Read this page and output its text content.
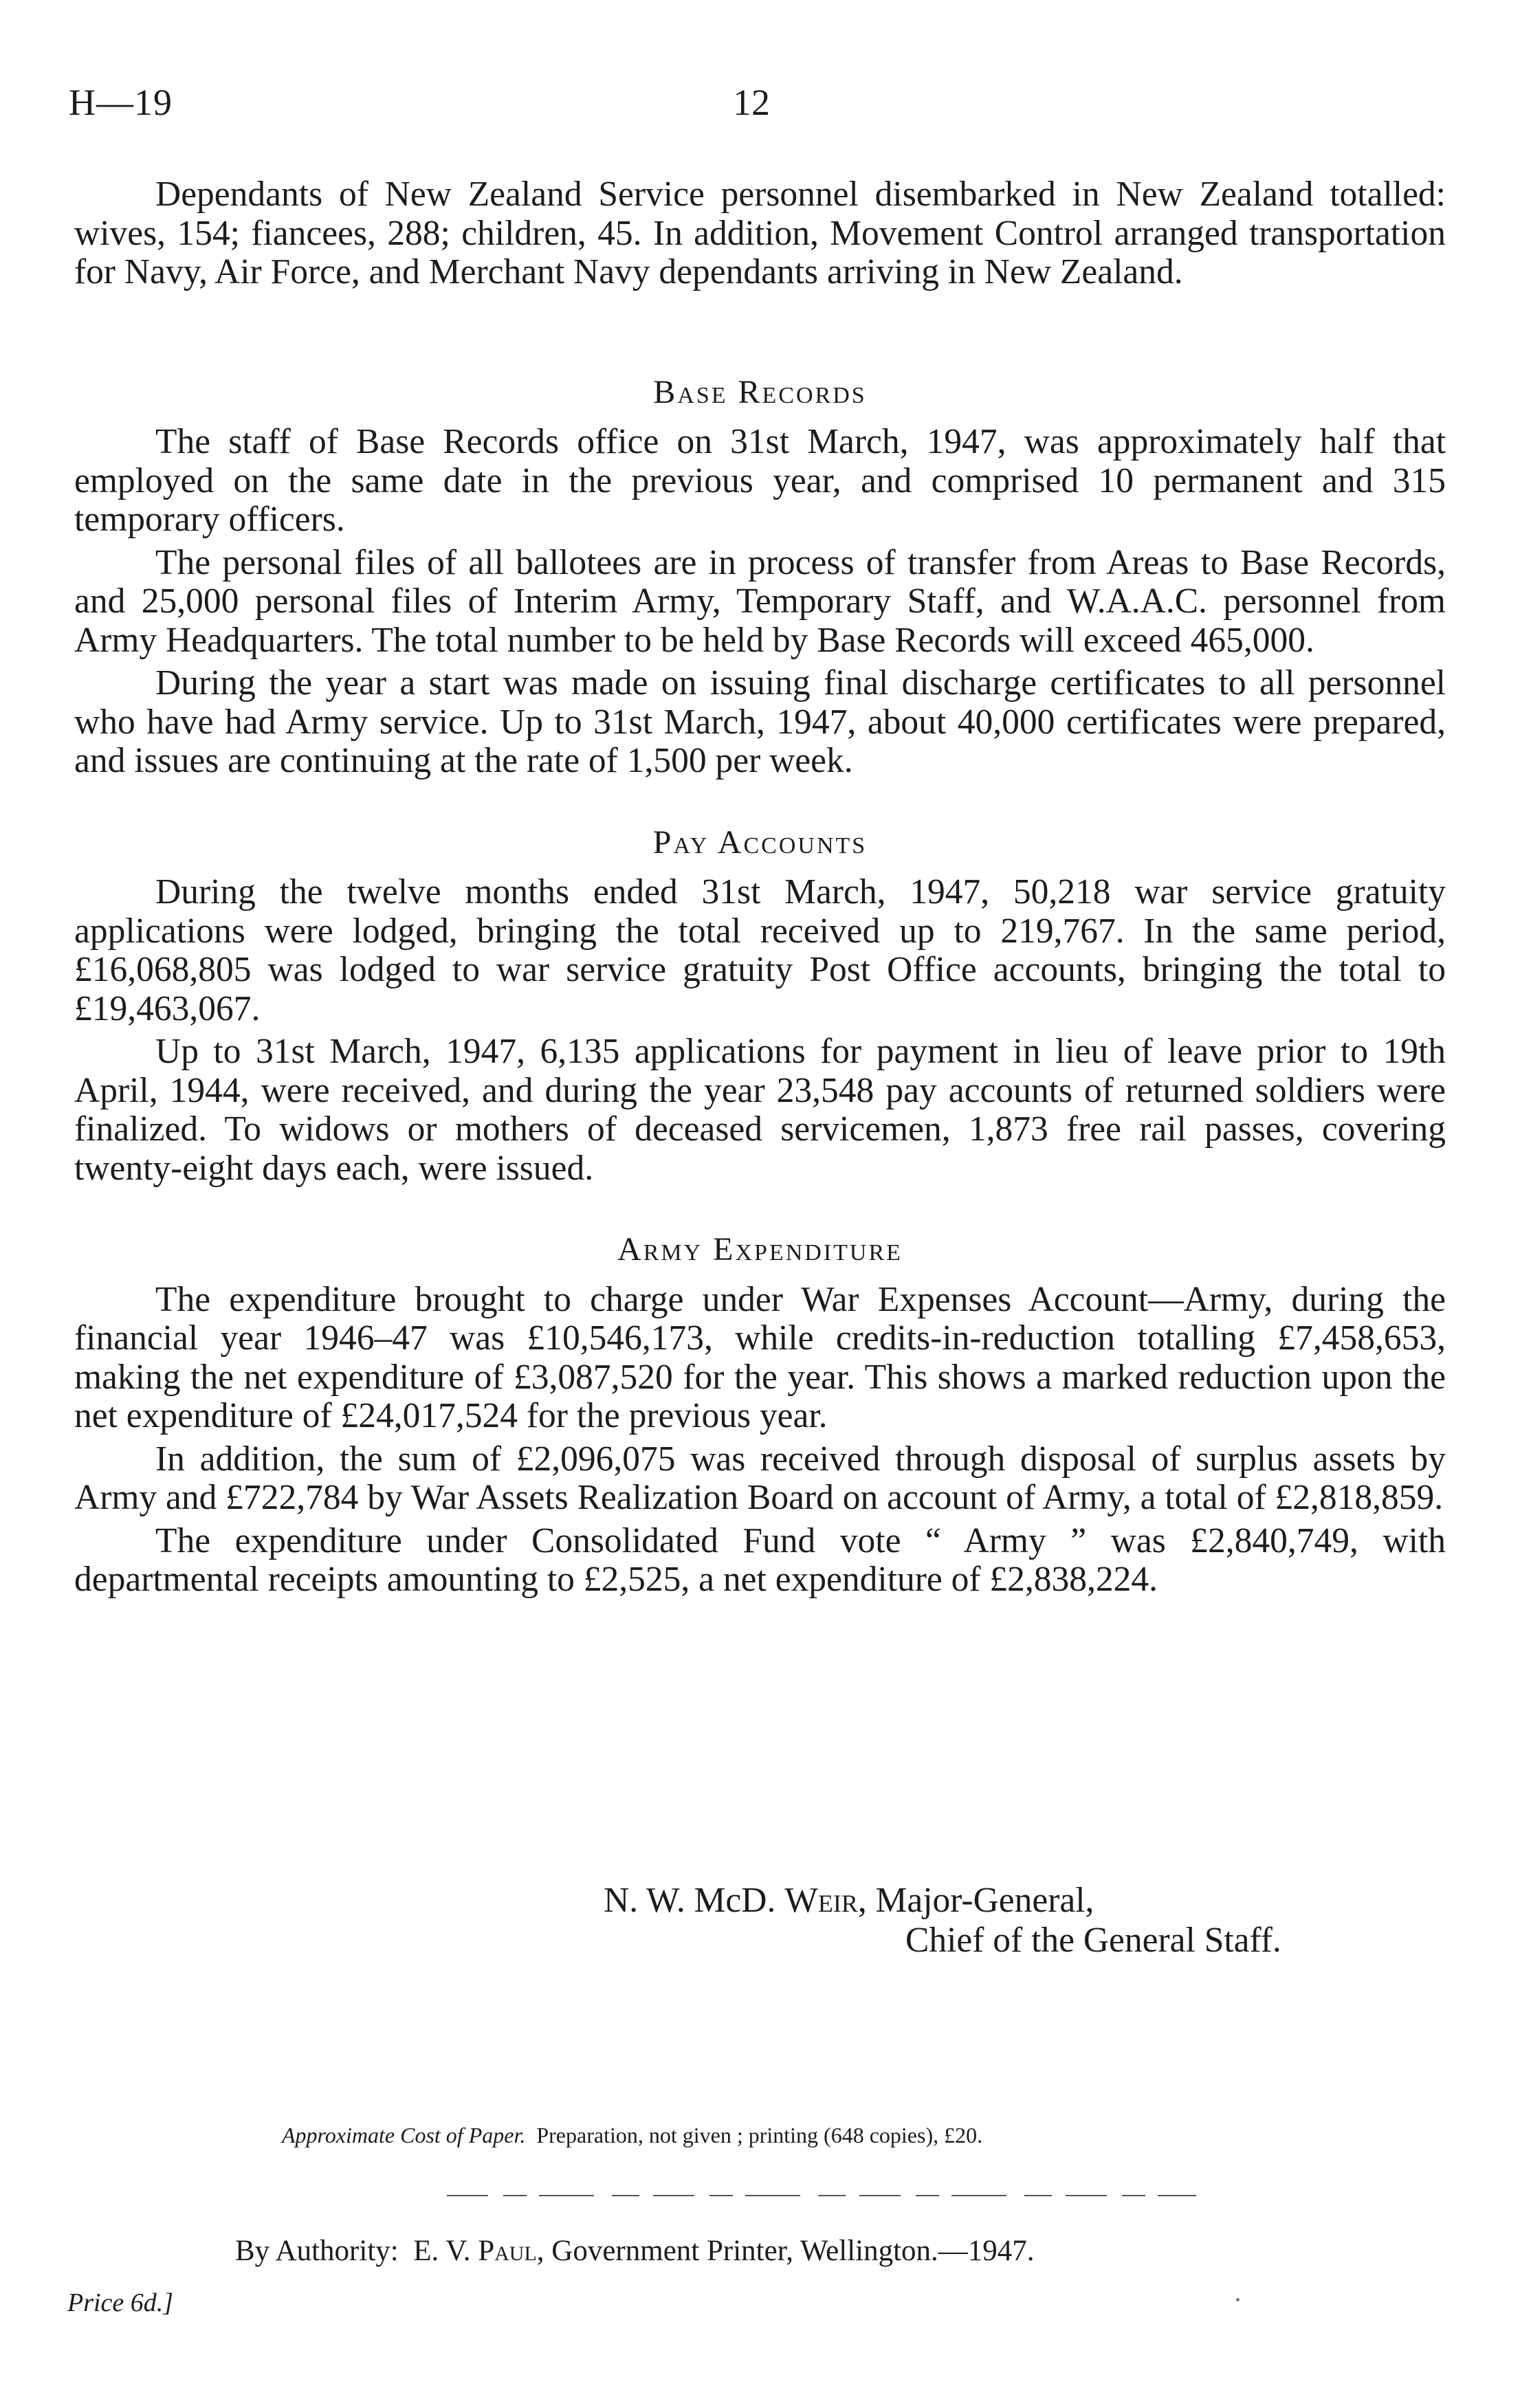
H—19	12

Dependants of New Zealand Service personnel disembarked in New Zealand totalled: wives, 154; fiancees, 288; children, 45. In addition, Movement Control arranged transportation for Navy, Air Force, and Merchant Navy dependants arriving in New Zealand.

Base Records

The staff of Base Records office on 31st March, 1947, was approximately half that employed on the same date in the previous year, and comprised 10 permanent and 315 temporary officers.

The personal files of all ballotees are in process of transfer from Areas to Base Records, and 25,000 personal files of Interim Army, Temporary Staff, and W.A.A.C. personnel from Army Headquarters. The total number to be held by Base Records will exceed 465,000.

During the year a start was made on issuing final discharge certificates to all personnel who have had Army service. Up to 31st March, 1947, about 40,000 certificates were prepared, and issues are continuing at the rate of 1,500 per week.

Pay Accounts

During the twelve months ended 31st March, 1947, 50,218 war service gratuity applications were lodged, bringing the total received up to 219,767. In the same period, £16,068,805 was lodged to war service gratuity Post Office accounts, bringing the total to £19,463,067.

Up to 31st March, 1947, 6,135 applications for payment in lieu of leave prior to 19th April, 1944, were received, and during the year 23,548 pay accounts of returned soldiers were finalized. To widows or mothers of deceased servicemen, 1,873 free rail passes, covering twenty-eight days each, were issued.

Army Expenditure

The expenditure brought to charge under War Expenses Account—Army, during the financial year 1946–47 was £10,546,173, while credits-in-reduction totalling £7,458,653, making the net expenditure of £3,087,520 for the year. This shows a marked reduction upon the net expenditure of £24,017,524 for the previous year.

In addition, the sum of £2,096,075 was received through disposal of surplus assets by Army and £722,784 by War Assets Realization Board on account of Army, a total of £2,818,859.

The expenditure under Consolidated Fund vote “ Army ” was £2,840,749, with departmental receipts amounting to £2,525, a net expenditure of £2,838,224.

N. W. McD. Weir, Major-General,
Chief of the General Staff.
Approximate Cost of Paper. Preparation, not given ; printing (648 copies), £20.
By Authority: E. V. Paul, Government Printer, Wellington.—1947.
Price 6d.]
